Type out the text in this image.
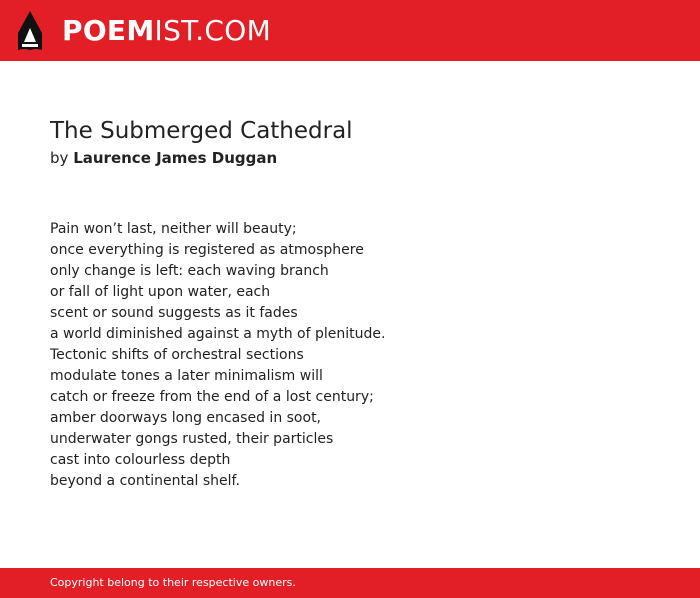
POEMIST.COM
The Submerged Cathedral
by Laurence James Duggan
Pain won’t last, neither will beauty;
once everything is registered as atmosphere
only change is left: each waving branch
or fall of light upon water, each
scent or sound suggests as it fades
a world diminished against a myth of plenitude.
Tectonic shifts of orchestral sections
modulate tones a later minimalism will
catch or freeze from the end of a lost century;
amber doorways long encased in soot,
underwater gongs rusted, their particles
cast into colourless depth
beyond a continental shelf.
Copyright belong to their respective owners.
